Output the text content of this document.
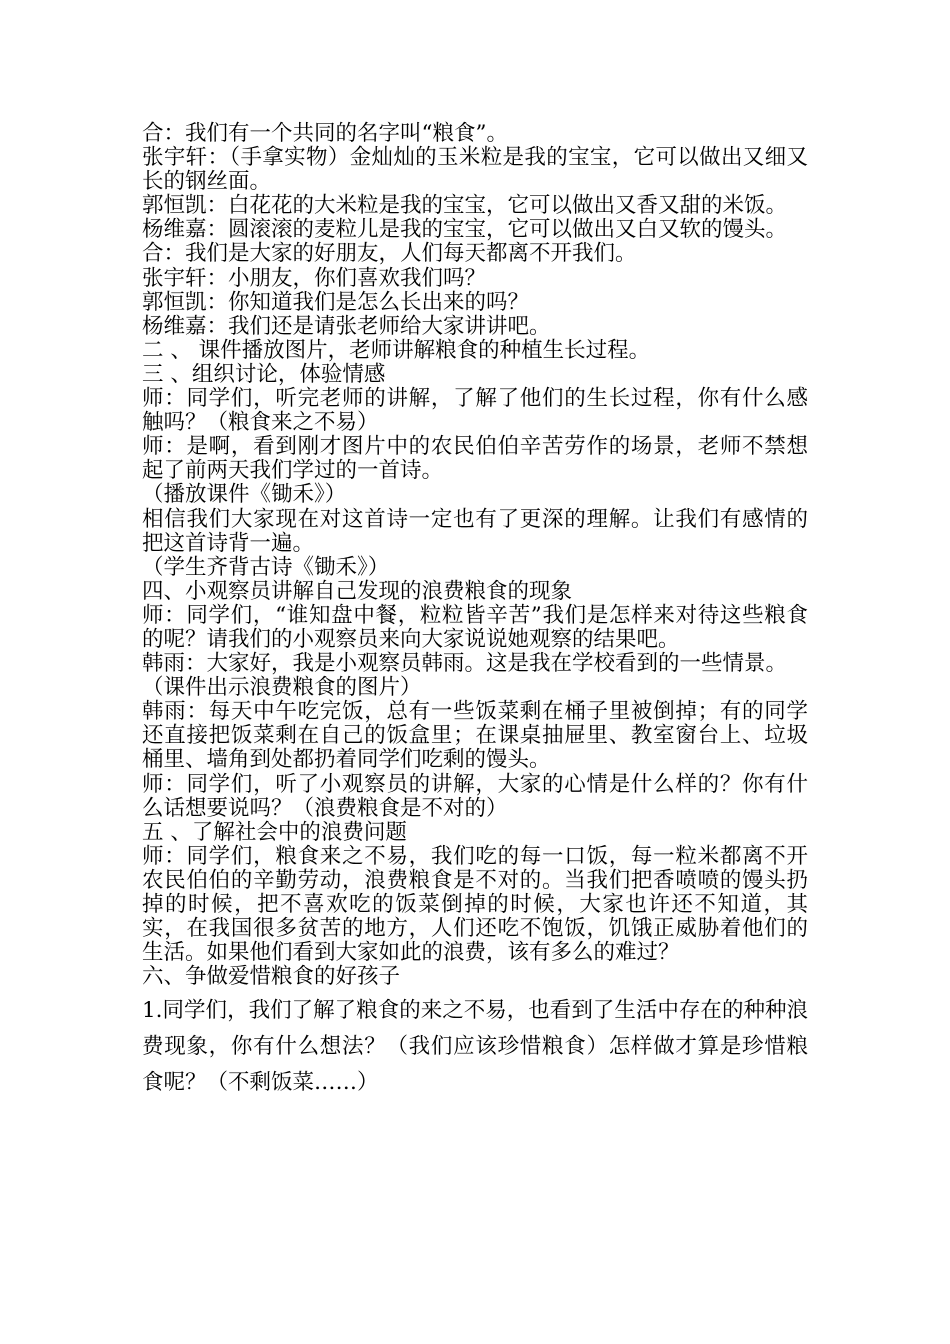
合：我们有一个共同的名字叫“粮食”。

张宇轩：（手拿实物）金灿灿的玉米粒是我的宝宝，它可以做出又细又长的钢丝面。

郭恒凯：白花花的大米粒是我的宝宝，它可以做出又香又甜的米饭。

杨维嘉：圆滚滚的麦粒儿是我的宝宝，它可以做出又白又软的馒头。

合：我们是大家的好朋友，人们每天都离不开我们。

张宇轩：小朋友，你们喜欢我们吗？

郭恒凯：你知道我们是怎么长出来的吗？

杨维嘉：我们还是请张老师给大家讲讲吧。

二 、 课件播放图片，老师讲解粮食的种植生长过程。

三 、组织讨论，体验情感

师：同学们，听完老师的讲解，了解了他们的生长过程，你有什么感触吗？（粮食来之不易）

师：是啊，看到刚才图片中的农民伯伯辛苦劳作的场景，老师不禁想起了前两天我们学过的一首诗。

（播放课件《锄禾》）

相信我们大家现在对这首诗一定也有了更深的理解。让我们有感情的把这首诗背一遍。

（学生齐背古诗《锄禾》）

四、小观察员讲解自己发现的浪费粮食的现象

师：同学们，“谁知盘中餐，粒粒皆辛苦”我们是怎样来对待这些粮食的呢？请我们的小观察员来向大家说说她观察的结果吧。

韩雨：大家好，我是小观察员韩雨。这是我在学校看到的一些情景。

（课件出示浪费粮食的图片）

韩雨：每天中午吃完饭，总有一些饭菜剩在桶子里被倒掉；有的同学还直接把饭菜剩在自己的饭盒里；在课桌抽屉里、教室窗台上、垃圾桶里、墙角到处都扔着同学们吃剩的馒头。

师：同学们，听了小观察员的讲解，大家的心情是什么样的？你有什么话想要说吗？（浪费粮食是不对的）

五 、了解社会中的浪费问题

师：同学们，粮食来之不易，我们吃的每一口饭，每一粒米都离不开农民伯伯的辛勤劳动，浪费粮食是不对的。当我们把香喷喷的馒头扔掉的时候，把不喜欢吃的饭菜倒掉的时候，大家也许还不知道，其实，在我国很多贫苦的地方，人们还吃不饱饭，饥饿正威胁着他们的生活。如果他们看到大家如此的浪费，该有多么的难过？

六、争做爱惜粮食的好孩子

1.同学们，我们了解了粮食的来之不易，也看到了生活中存在的种种浪费现象，你有什么想法？（我们应该珍惜粮食）怎样做才算是珍惜粮食呢？（不剩饭菜……）
